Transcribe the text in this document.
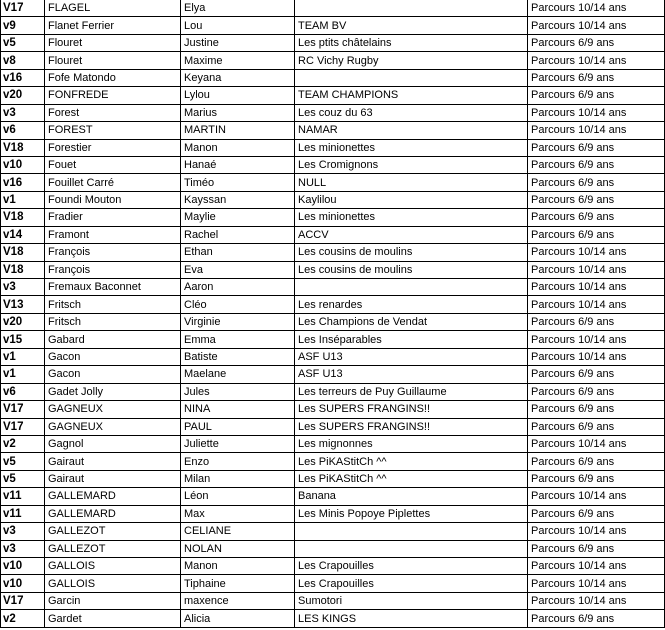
V17	FLAGEL	Elya		Parcours 10/14 ans
v9	Flanet Ferrier	Lou	TEAM BV	Parcours 10/14 ans
v5	Flouret	Justine	Les ptits châtelains	Parcours 6/9 ans
v8	Flouret	Maxime	RC Vichy Rugby	Parcours 10/14 ans
v16	Fofe Matondo	Keyana		Parcours 6/9 ans
v20	FONFREDE	Lylou	TEAM CHAMPIONS	Parcours 6/9 ans
v3	Forest	Marius	Les couz du 63	Parcours 10/14 ans
v6	FOREST	MARTIN	NAMAR	Parcours 10/14 ans
V18	Forestier	Manon	Les minionettes	Parcours 6/9 ans
v10	Fouet	Hanaé	Les Cromignons	Parcours 6/9 ans
v16	Fouillet Carré	Timéo	NULL	Parcours 6/9 ans
v1	Foundi Mouton	Kayssan	Kaylilou	Parcours 6/9 ans
V18	Fradier	Maylie	Les minionettes	Parcours 6/9 ans
v14	Framont	Rachel	ACCV	Parcours 6/9 ans
V18	François	Ethan	Les cousins de moulins	Parcours 10/14 ans
V18	François	Eva	Les cousins de moulins	Parcours 10/14 ans
v3	Fremaux Baconnet	Aaron		Parcours 10/14 ans
V13	Fritsch	Cléo	Les renardes	Parcours 10/14 ans
v20	Fritsch	Virginie	Les Champions de Vendat	Parcours 6/9 ans
v15	Gabard	Emma	Les Inséparables	Parcours 10/14 ans
v1	Gacon	Batiste	ASF U13	Parcours 10/14 ans
v1	Gacon	Maelane	ASF U13	Parcours 6/9 ans
v6	Gadet Jolly	Jules	Les terreurs de Puy Guillaume	Parcours 6/9 ans
V17	GAGNEUX	NINA	Les SUPERS FRANGINS!!	Parcours 6/9 ans
V17	GAGNEUX	PAUL	Les SUPERS FRANGINS!!	Parcours 6/9 ans
v2	Gagnol	Juliette	Les mignonnes	Parcours 10/14 ans
v5	Gairaut	Enzo	Les PiKAStitCh ^^	Parcours 6/9 ans
v5	Gairaut	Milan	Les PiKAStitCh ^^	Parcours 6/9 ans
v11	GALLEMARD	Léon	Banana	Parcours 10/14 ans
v11	GALLEMARD	Max	Les Minis Popoye Piplettes	Parcours 6/9 ans
v3	GALLEZOT	CELIANE		Parcours 10/14 ans
v3	GALLEZOT	NOLAN		Parcours 6/9 ans
v10	GALLOIS	Manon	Les Crapouilles	Parcours 10/14 ans
v10	GALLOIS	Tiphaine	Les Crapouilles	Parcours 10/14 ans
V17	Garcin	maxence	Sumotori	Parcours 10/14 ans
v2	Gardet	Alicia	LES KINGS	Parcours 6/9 ans
